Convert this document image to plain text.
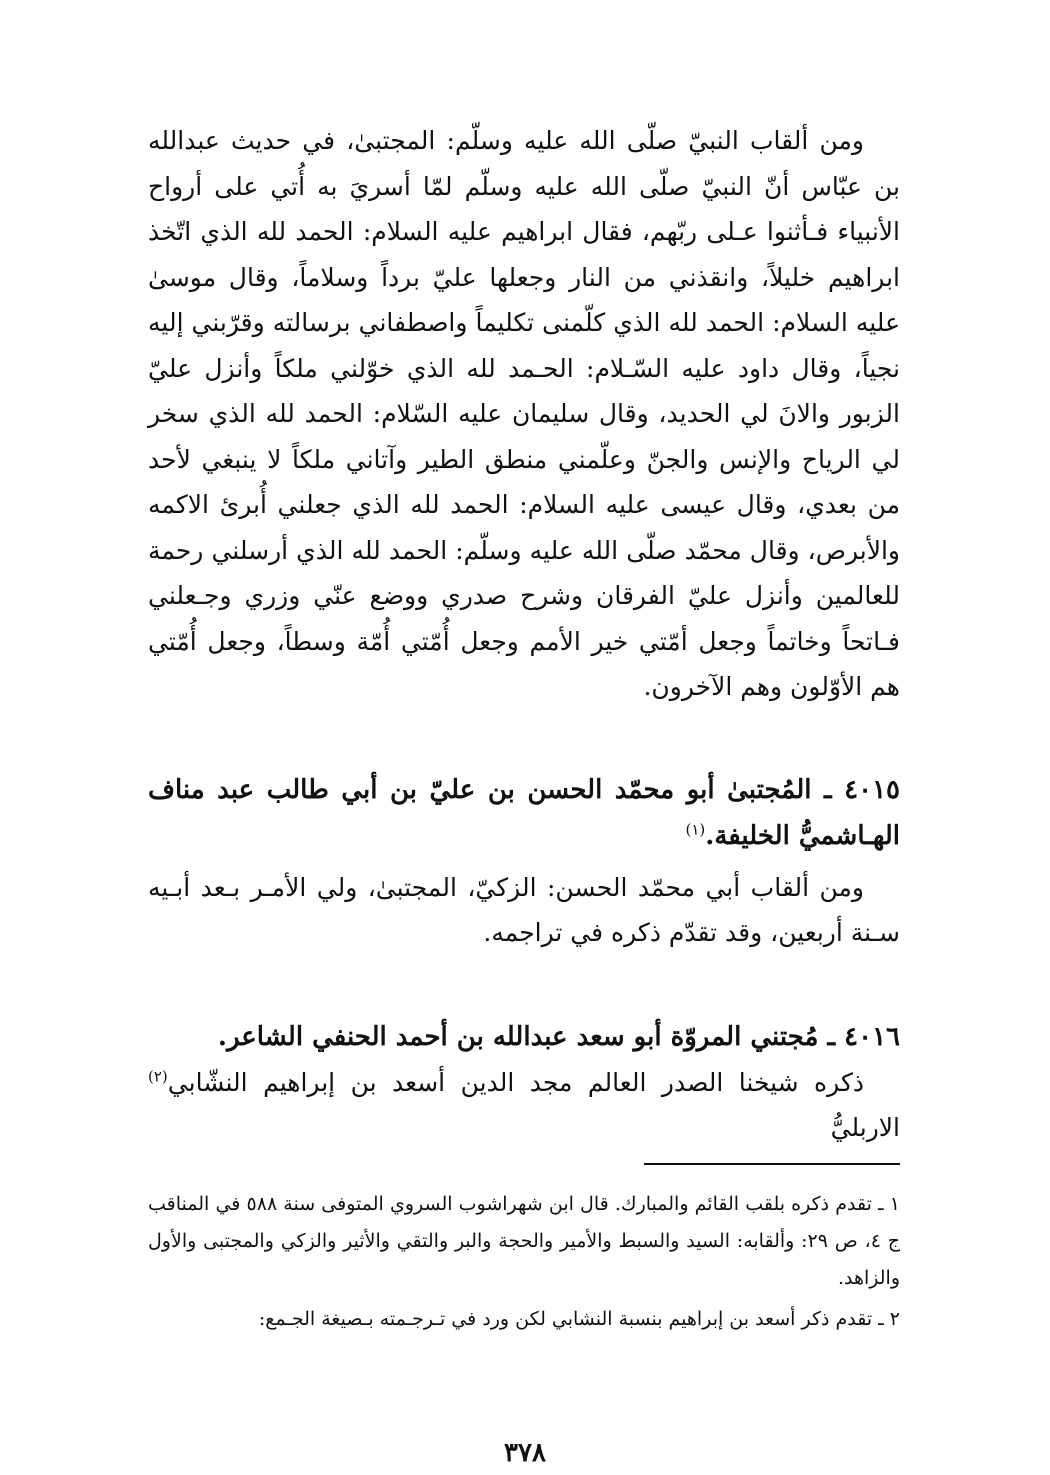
ومن ألقاب النبيّ صلّى الله عليه وسلّم: المجتبىٰ، في حديث عبدالله بن عبّاس أنّ النبيّ صلّى الله عليه وسلّم لمّا أسريَ به أُتي على أرواح الأنبياء فـأثنوا عـلى ربّهم، فقال ابراهيم عليه السلام: الحمد لله الذي اتّخذ ابراهيم خليلاً، وانقذني من النار وجعلها عليّ برداً وسلاماً، وقال موسىٰ عليه السلام: الحمد لله الذي كلّمنى تكليماً واصطفاني برسالته وقرّبني إليه نجياً، وقال داود عليه السّـلام: الحـمد لله الذي خوّلني ملكاً وأنزل عليّ الزبور والانَ لي الحديد، وقال سليمان عليه السّلام: الحمد لله الذي سخر لي الرياح والإنس والجنّ وعلّمني منطق الطير وآتاني ملكاً لا ينبغي لأحد من بعدي، وقال عيسى عليه السلام: الحمد لله الذي جعلني أُبرئ الاكمه والأبرص، وقال محمّد صلّى الله عليه وسلّم: الحمد لله الذي أرسلني رحمة للعالمين وأنزل عليّ الفرقان وشرح صدري ووضع عنّي وزري وجـعلني فـاتحاً وخاتماً وجعل أمّتي خير الأمم وجعل أُمّتي أُمّة وسطاً، وجعل أُمّتي هم الأوّلون وهم الآخرون.

٤٠١٥ ـ المُجتبىٰ أبو محمّد الحسن بن عليّ بن أبي طالب عبد مناف الهـاشميُّ الخليفة.$^{(١)}$

ومن ألقاب أبي محمّد الحسن: الزكيّ، المجتبىٰ، ولي الأمـر بـعد أبـيه سـنة أربعين، وقد تقدّم ذكره في تراجمه.

٤٠١٦ ـ مُجتني المروّة أبو سعد عبدالله بن أحمد الحنفي الشاعر.

ذكره شيخنا الصدر العالم مجد الدين أسعد بن إبراهيم النشّابي$^{(٢)}$ الاربليُّ

١ ـ تقدم ذكره بلقب القائم والمبارك. قال ابن شهراشوب السروي المتوفى سنة ٥٨٨ في المناقب ج ٤، ص ٢٩: وألقابه: السيد والسبط والأمير والحجة والبر والتقي والأثير والزكي والمجتبى والأول والزاهد.

٢ ـ تقدم ذكر أسعد بن إبراهيم بنسبة النشابي لكن ورد في تـرجـمته بـصيغة الجـمع:

٣٧٨
